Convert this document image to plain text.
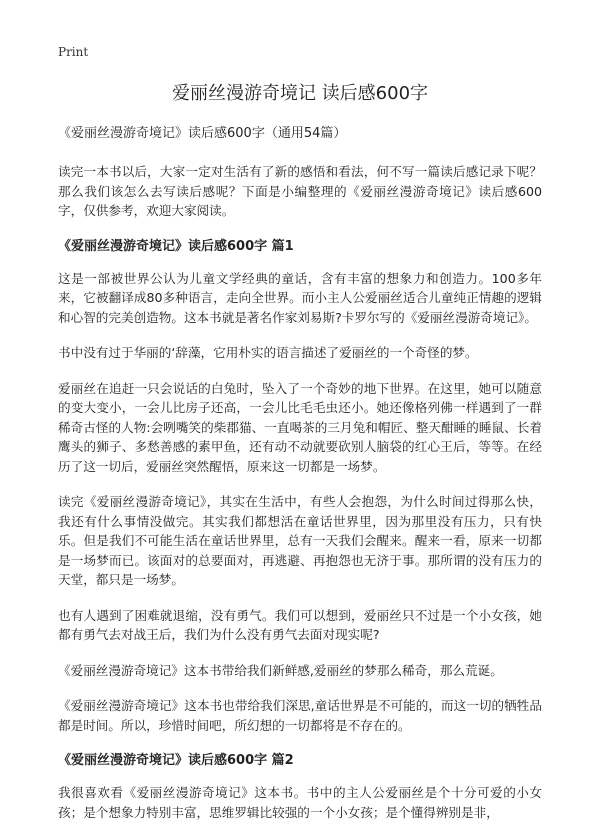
Print
爱丽丝漫游奇境记 读后感600字
《爱丽丝漫游奇境记》读后感600字（通用54篇）

读完一本书以后，大家一定对生活有了新的感悟和看法，何不写一篇读后感记录下呢？那么我们该怎么去写读后感呢？下面是小编整理的《爱丽丝漫游奇境记》读后感600字，仅供参考，欢迎大家阅读。

《爱丽丝漫游奇境记》读后感600字 篇1

这是一部被世界公认为儿童文学经典的童话，含有丰富的想象力和创造力。100多年来，它被翻译成80多种语言，走向全世界。而小主人公爱丽丝适合儿童纯正情趣的逻辑和心智的完美创造物。这本书就是著名作家刘易斯?卡罗尔写的《爱丽丝漫游奇境记》。

书中没有过于华丽的‘辞藻，它用朴实的语言描述了爱丽丝的一个奇怪的梦。

爱丽丝在追赶一只会说话的白兔时，坠入了一个奇妙的地下世界。在这里，她可以随意的变大变小，一会儿比房子还高，一会儿比毛毛虫还小。她还像格列佛一样遇到了一群稀奇古怪的人物:会咧嘴笑的柴郡猫、一直喝茶的三月兔和帽匠、整天酣睡的睡鼠、长着鹰头的狮子、多愁善感的素甲鱼，还有动不动就要砍别人脑袋的红心王后，等等。在经历了这一切后，爱丽丝突然醒悟，原来这一切都是一场梦。

读完《爱丽丝漫游奇境记》，其实在生活中，有些人会抱怨，为什么时间过得那么快，我还有什么事情没做完。其实我们都想活在童话世界里，因为那里没有压力，只有快乐。但是我们不可能生活在童话世界里，总有一天我们会醒来。醒来一看，原来一切都是一场梦而已。该面对的总要面对，再逃避、再抱怨也无济于事。那所谓的没有压力的天堂，都只是一场梦。

也有人遇到了困难就退缩，没有勇气。我们可以想到，爱丽丝只不过是一个小女孩，她都有勇气去对战王后，我们为什么没有勇气去面对现实呢?

《爱丽丝漫游奇境记》这本书带给我们新鲜感,爱丽丝的梦那么稀奇，那么荒诞。

《爱丽丝漫游奇境记》这本书也带给我们深思,童话世界是不可能的，而这一切的牺牲品都是时间。所以，珍惜时间吧，所幻想的一切都将是不存在的。

《爱丽丝漫游奇境记》读后感600字 篇2

我很喜欢看《爱丽丝漫游奇境记》这本书。书中的主人公爱丽丝是个十分可爱的小女孩；是个想象力特别丰富，思维罗辑比较强的一个小女孩；是个懂得辨别是非，
